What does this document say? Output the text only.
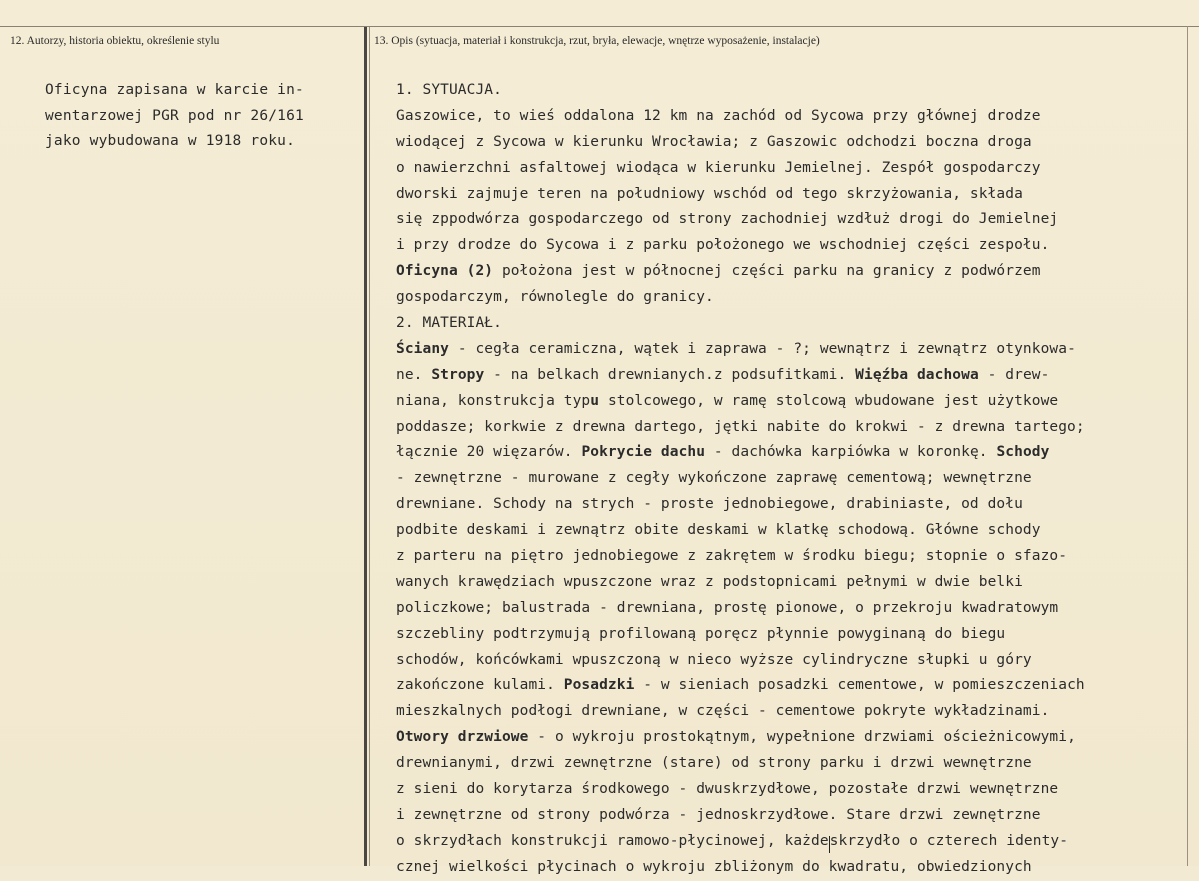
12. Autorzy, historia obiektu, określenie stylu	13. Opis (sytuacja, materiał i konstrukcja, rzut, bryła, elewacje, wnętrze wyposażenie, instalacje)
Oficyna zapisana w karcie in-
wentarzowej PGR pod nr 26/161
jako wybudowana w 1918 roku.
1. SYTUACJA.
Gaszowice, to wieś oddalona 12 km na zachód od Sycowa przy głównej drodze
wiodącej z Sycowa w kierunku Wrocławia; z Gaszowic odchodzi boczna droga
o nawierzchni asfaltowej wiodąca w kierunku Jemielnej. Zespół gospodarczy
dworski zajmuje teren na południowy wschód od tego skrzyżowania, składa
się zppodwórza gospodarczego od strony zachodniej wzdłuż drogi do Jemielnej
i przy drodze do Sycowa i z parku położonego we wschodniej części zespołu.
Oficyna (2) położona jest w północnej części parku na granicy z podwórzem
gospodarczym, równolegle do granicy.
2. MATERIAŁ.
Ściany - cegła ceramiczna, wątek i zaprawa - ?; wewnątrz i zewnątrz otynkowa-
ne. Stropy - na belkach drewnianych.z podsufitkami. Więźba dachowa - drew-
niana, konstrukcja typu stolcowego, w ramę stolcową wbudowane jest użytkowe
poddasze; korkwie z drewna dartego, jętki nabite do krokwi - z drewna tartego;
łącznie 20 więzarów. Pokrycie dachu - dachówka karpiówka w koronkę. Schody
- zewnętrzne - murowane z cegły wykończone zaprawę cementową; wewnętrzne
drewniane. Schody na strych - proste jednobiegowe, drabiniaste, od dołu
podbite deskami i zewnątrz obite deskami w klatkę schodową. Główne schody
z parteru na piętro jednobiegowe z zakrętem w środku biegu; stopnie o sfazo-
wanych krawędziach wpuszczone wraz z podstopnicami pełnymi w dwie belki
policzkowe; balustrada - drewniana, prostę pionowe, o przekroju kwadratowym
szczebliny podtrzymują profilowaną poręcz płynnie powyginaną do biegu
schodów, końcówkami wpuszczoną w nieco wyższe cylindryczne słupki u góry
zakończone kulami. Posadzki - w sieniach posadzki cementowe, w pomieszczeniach
mieszkalnych podłogi drewniane, w części - cementowe pokryte wykładzinami.
Otwory drzwiowe - o wykroju prostokątnym, wypełnione drzwiami ościeżnicowymi,
drewnianymi, drzwi zewnętrzne (stare) od strony parku i drzwi wewnętrzne
z sieni do korytarza środkowego - dwuskrzydłowe, pozostałe drzwi wewnętrzne
i zewnętrzne od strony podwórza - jednoskrzydłowe. Stare drzwi zewnętrzne
o skrzydłach konstrukcji ramowo-płycinowej, każdeskrzydło o czterech identy-
cznej wielkości płycinach o wykroju zbliżonym do kwadratu, obwiedzionych
